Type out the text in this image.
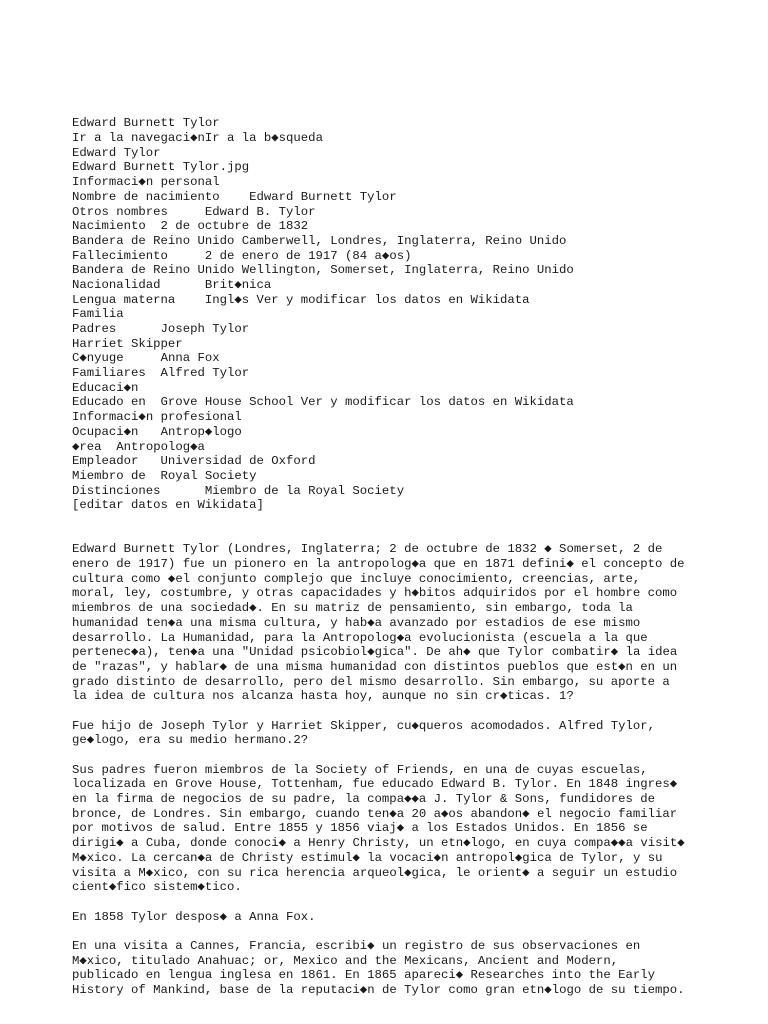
Edward Burnett Tylor
Ir a la navegaci◆nIr a la b◆squeda
Edward Tylor
Edward Burnett Tylor.jpg
Informaci◆n personal
Nombre de nacimiento    Edward Burnett Tylor
Otros nombres     Edward B. Tylor
Nacimiento  2 de octubre de 1832
Bandera de Reino Unido Camberwell, Londres, Inglaterra, Reino Unido
Fallecimiento     2 de enero de 1917 (84 a◆os)
Bandera de Reino Unido Wellington, Somerset, Inglaterra, Reino Unido
Nacionalidad      Brit◆nica
Lengua materna    Ingl◆s Ver y modificar los datos en Wikidata
Familia
Padres      Joseph Tylor
Harriet Skipper
C◆nyuge     Anna Fox
Familiares  Alfred Tylor
Educaci◆n
Educado en  Grove House School Ver y modificar los datos en Wikidata
Informaci◆n profesional
Ocupaci◆n   Antrop◆logo
◆rea  Antropolog◆a
Empleador   Universidad de Oxford
Miembro de  Royal Society
Distinciones      Miembro de la Royal Society
[editar datos en Wikidata]

Edward Burnett Tylor (Londres, Inglaterra; 2 de octubre de 1832 ◆ Somerset, 2 de
enero de 1917) fue un pionero en la antropolog◆a que en 1871 defini◆ el concepto de
cultura como ◆el conjunto complejo que incluye conocimiento, creencias, arte,
moral, ley, costumbre, y otras capacidades y h◆bitos adquiridos por el hombre como
miembros de una sociedad◆. En su matriz de pensamiento, sin embargo, toda la
humanidad ten◆a una misma cultura, y hab◆a avanzado por estadios de ese mismo
desarrollo. La Humanidad, para la Antropolog◆a evolucionista (escuela a la que
pertenec◆a), ten◆a una "Unidad psicobiol◆gica". De ah◆ que Tylor combatir◆ la idea
de "razas", y hablar◆ de una misma humanidad con distintos pueblos que est◆n en un
grado distinto de desarrollo, pero del mismo desarrollo. Sin embargo, su aporte a
la idea de cultura nos alcanza hasta hoy, aunque no sin cr◆ticas. 1?
Fue hijo de Joseph Tylor y Harriet Skipper, cu◆queros acomodados. Alfred Tylor,
ge◆logo, era su medio hermano.2?
Sus padres fueron miembros de la Society of Friends, en una de cuyas escuelas,
localizada en Grove House, Tottenham, fue educado Edward B. Tylor. En 1848 ingres◆
en la firma de negocios de su padre, la compa◆◆a J. Tylor & Sons, fundidores de
bronce, de Londres. Sin embargo, cuando ten◆a 20 a◆os abandon◆ el negocio familiar
por motivos de salud. Entre 1855 y 1856 viaj◆ a los Estados Unidos. En 1856 se
dirigi◆ a Cuba, donde conoci◆ a Henry Christy, un etn◆logo, en cuya compa◆◆a visit◆
M◆xico. La cercan◆a de Christy estimul◆ la vocaci◆n antropol◆gica de Tylor, y su
visita a M◆xico, con su rica herencia arqueol◆gica, le orient◆ a seguir un estudio
cient◆fico sistem◆tico.
En 1858 Tylor despos◆ a Anna Fox.
En una visita a Cannes, Francia, escribi◆ un registro de sus observaciones en
M◆xico, titulado Anahuac; or, Mexico and the Mexicans, Ancient and Modern,
publicado en lengua inglesa en 1861. En 1865 apareci◆ Researches into the Early
History of Mankind, base de la reputaci◆n de Tylor como gran etn◆logo de su tiempo.
